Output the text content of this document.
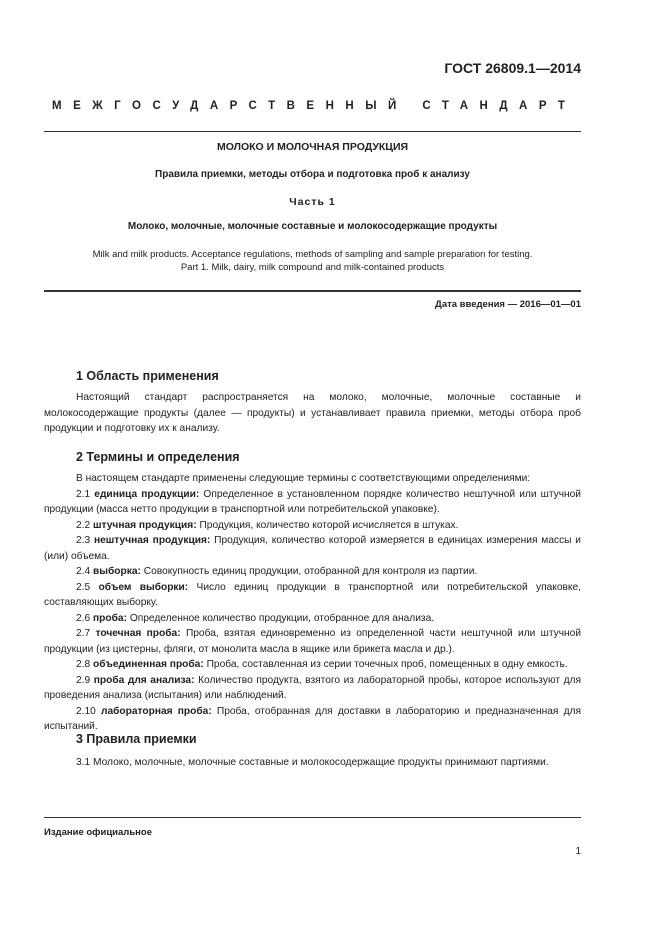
ГОСТ 26809.1—2014
МЕЖГОСУДАРСТВЕННЫЙ СТАНДАРТ
МОЛОКО И МОЛОЧНАЯ ПРОДУКЦИЯ
Правила приемки, методы отбора и подготовка проб к анализу
Часть 1
Молоко, молочные, молочные составные и молокосодержащие продукты
Milk and milk products. Acceptance regulations, methods of sampling and sample preparation for testing.
Part 1. Milk, dairy, milk compound and milk-contained products
Дата введения — 2016—01—01
1 Область применения

Настоящий стандарт распространяется на молоко, молочные, молочные составные и молокосодержащие продукты (далее — продукты) и устанавливает правила приемки, методы отбора проб продукции и подготовку их к анализу.

2 Термины и определения

В настоящем стандарте применены следующие термины с соответствующими определениями:

2.1 единица продукции: Определенное в установленном порядке количество нештучной или штучной продукции (масса нетто продукции в транспортной или потребительской упаковке).

2.2 штучная продукция: Продукция, количество которой исчисляется в штуках.

2.3 нештучная продукция: Продукция, количество которой измеряется в единицах измерения массы и (или) объема.

2.4 выборка: Совокупность единиц продукции, отобранной для контроля из партии.

2.5 объем выборки: Число единиц продукции в транспортной или потребительской упаковке, составляющих выборку.

2.6 проба: Определенное количество продукции, отобранное для анализа.

2.7 точечная проба: Проба, взятая единовременно из определенной части нештучной или штучной продукции (из цистерны, фляги, от монолита масла в ящике или брикета масла и др.).

2.8 объединенная проба: Проба, составленная из серии точечных проб, помещенных в одну емкость.

2.9 проба для анализа: Количество продукта, взятого из лабораторной пробы, которое используют для проведения анализа (испытания) или наблюдений.

2.10 лабораторная проба: Проба, отобранная для доставки в лабораторию и предназначенная для испытаний.

3 Правила приемки

3.1 Молоко, молочные, молочные составные и молокосодержащие продукты принимают партиями.

Издание официальное
1
